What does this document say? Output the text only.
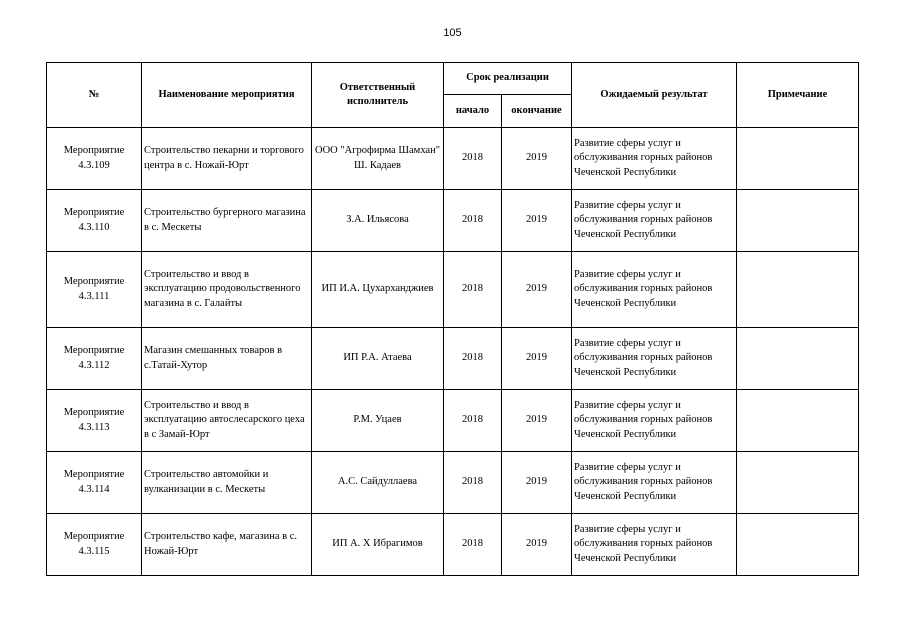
105
№	Наименование мероприятия	Ответственный исполнитель	Срок реализации		Ожидаемый результат	Примечание
			начало	окончание		
Мероприятие 4.3.109	Строительство пекарни и торгового центра в с. Ножай-Юрт	ООО "Агрофирма Шамхан" Ш. Кадаев	2018	2019	Развитие сферы услуг и обслуживания горных районов Чеченской Республики	
Мероприятие 4.3.110	Строительство бургерного магазина в с. Мескеты	З.А. Ильясова	2018	2019	Развитие сферы услуг и обслуживания горных районов Чеченской Республики	
Мероприятие 4.3.111	Строительство и ввод в эксплуатацию продовольственного магазина в с. Галайты	ИП И.А. Цухарханджиев	2018	2019	Развитие сферы услуг и обслуживания горных районов Чеченской Республики	
Мероприятие 4.3.112	Магазин смешанных товаров в с.Татай-Хутор	ИП Р.А. Атаева	2018	2019	Развитие сферы услуг и обслуживания горных районов Чеченской Республики	
Мероприятие 4.3.113	Строительство и ввод в эксплуатацию автослесарского цеха в с Замай-Юрт	Р.М. Уцаев	2018	2019	Развитие сферы услуг и обслуживания горных районов Чеченской Республики	
Мероприятие 4.3.114	Строительство автомойки и вулканизации в с. Мескеты	А.С. Сайдуллаева	2018	2019	Развитие сферы услуг и обслуживания горных районов Чеченской Республики	
Мероприятие 4.3.115	Строительство кафе, магазина в с. Ножай-Юрт	ИП А. Х Ибрагимов	2018	2019	Развитие сферы услуг и обслуживания горных районов Чеченской Республики	
